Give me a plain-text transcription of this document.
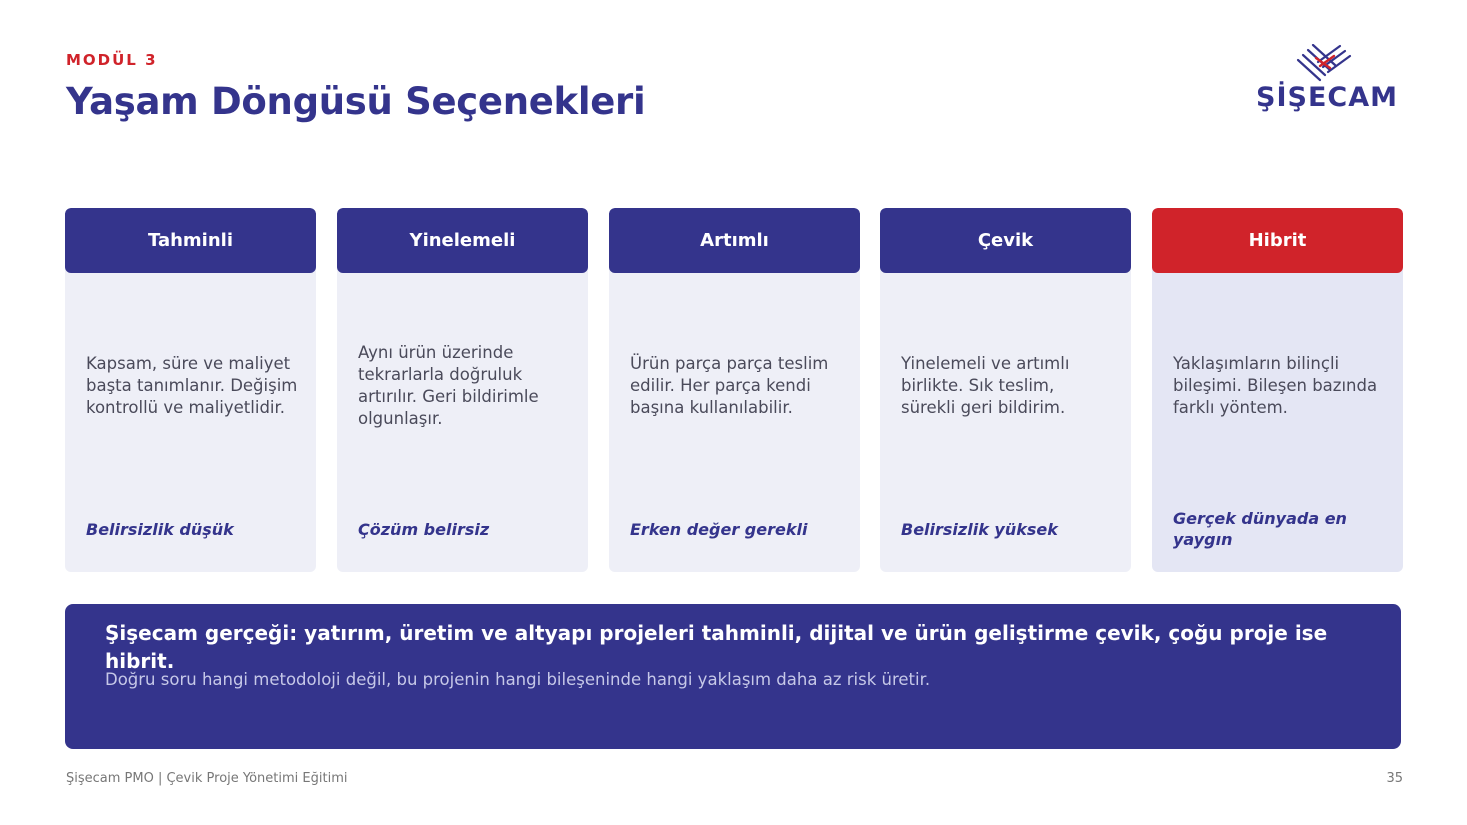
MODÜL 3
Yaşam Döngüsü Seçenekleri	ŞİŞECAM
Tahminli
Kapsam, süre ve maliyet başta tanımlanır. Değişim kontrollü ve maliyetlidir.
Belirsizlik düşük
Yinelemeli
Aynı ürün üzerinde tekrarlarla doğruluk artırılır. Geri bildirimle olgunlaşır.
Çözüm belirsiz
Artımlı
Ürün parça parça teslim edilir. Her parça kendi başına kullanılabilir.
Erken değer gerekli
Çevik
Yinelemeli ve artımlı birlikte. Sık teslim, sürekli geri bildirim.
Belirsizlik yüksek
Hibrit
Yaklaşımların bilinçli bileşimi. Bileşen bazında farklı yöntem.
Gerçek dünyada en yaygın
Şişecam gerçeği: yatırım, üretim ve altyapı projeleri tahminli, dijital ve ürün geliştirme çevik, çoğu proje ise hibrit.
Doğru soru hangi metodoloji değil, bu projenin hangi bileşeninde hangi yaklaşım daha az risk üretir.
Şişecam PMO | Çevik Proje Yönetimi Eğitimi	35
